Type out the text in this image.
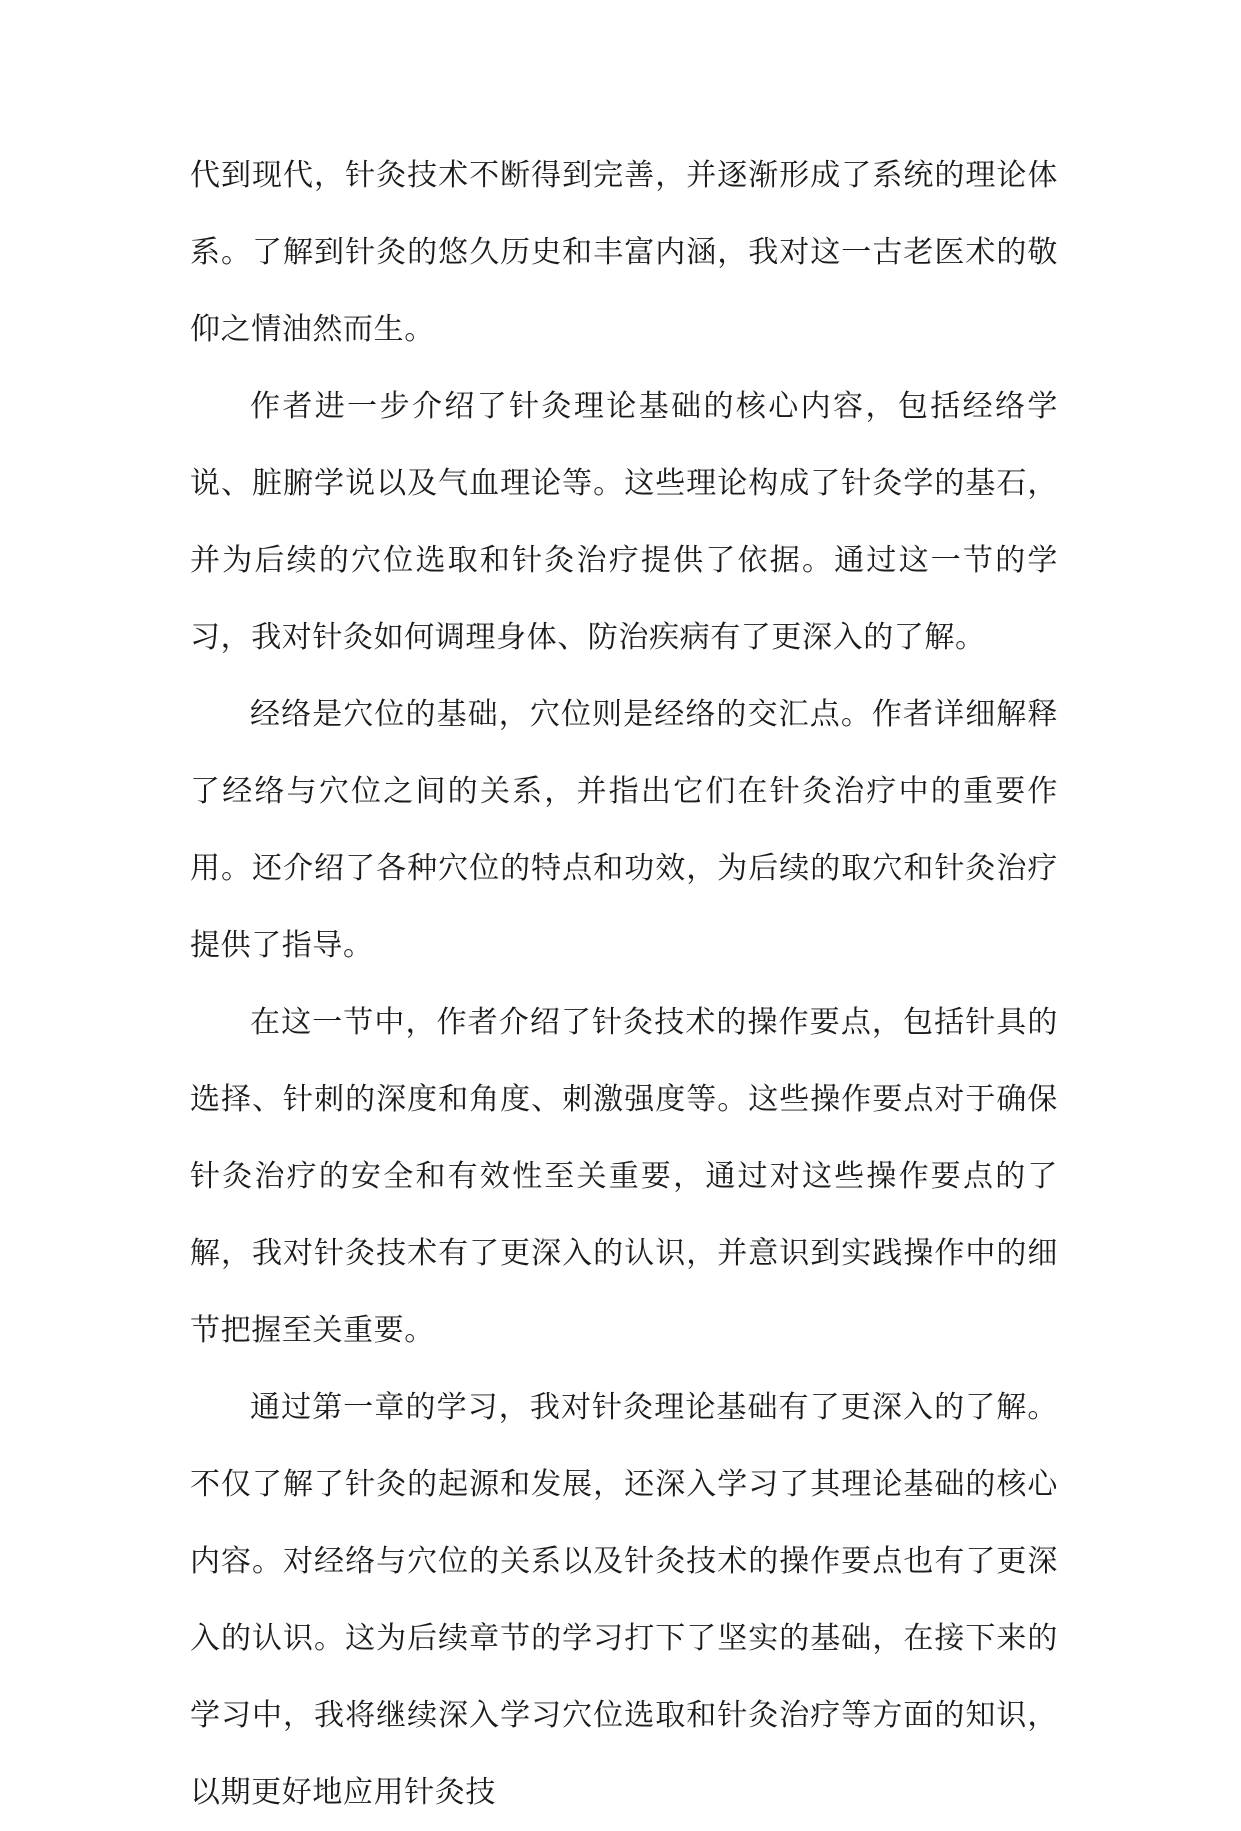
代到现代，针灸技术不断得到完善，并逐渐形成了系统的理论体系。了解到针灸的悠久历史和丰富内涵，我对这一古老医术的敬仰之情油然而生。

作者进一步介绍了针灸理论基础的核心内容，包括经络学说、脏腑学说以及气血理论等。这些理论构成了针灸学的基石，并为后续的穴位选取和针灸治疗提供了依据。通过这一节的学习，我对针灸如何调理身体、防治疾病有了更深入的了解。

经络是穴位的基础，穴位则是经络的交汇点。作者详细解释了经络与穴位之间的关系，并指出它们在针灸治疗中的重要作用。还介绍了各种穴位的特点和功效，为后续的取穴和针灸治疗提供了指导。

在这一节中，作者介绍了针灸技术的操作要点，包括针具的选择、针刺的深度和角度、刺激强度等。这些操作要点对于确保针灸治疗的安全和有效性至关重要，通过对这些操作要点的了解，我对针灸技术有了更深入的认识，并意识到实践操作中的细节把握至关重要。

通过第一章的学习，我对针灸理论基础有了更深入的了解。不仅了解了针灸的起源和发展，还深入学习了其理论基础的核心内容。对经络与穴位的关系以及针灸技术的操作要点也有了更深入的认识。这为后续章节的学习打下了坚实的基础，在接下来的学习中，我将继续深入学习穴位选取和针灸治疗等方面的知识，以期更好地应用针灸技
